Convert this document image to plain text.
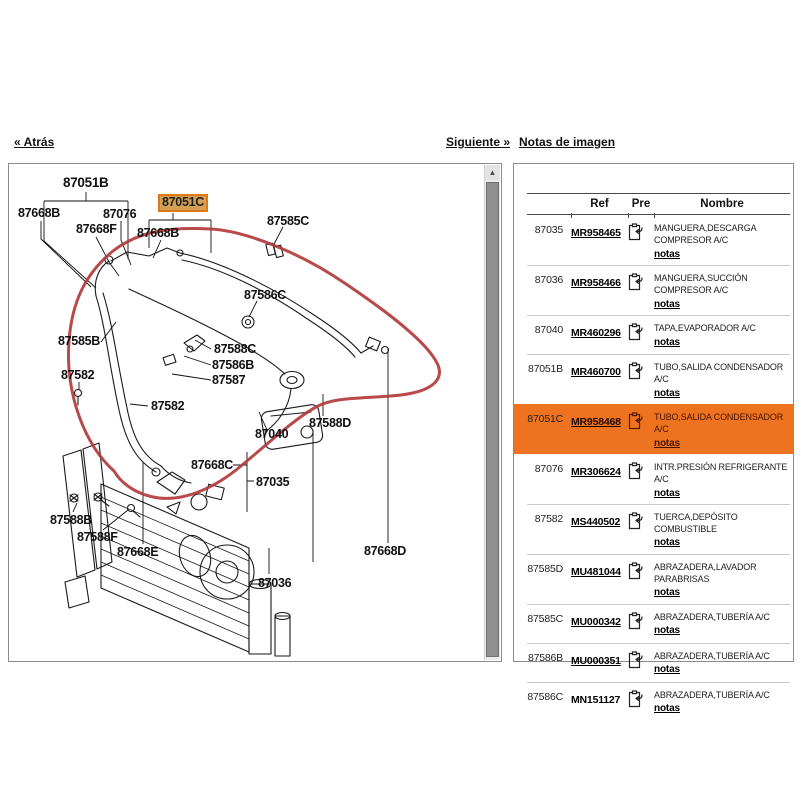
« Atrás	Siguiente » Notas de imagen
87051B
87668B	87076
87668F
87051C
87668B
87585C
87586C
87585B
87582
87588C
87586B
87587
87582
87040
87588D
87668C
87035
87588B
87588F
87668E	87668D
87036
▲
Ref	Pre	Nombre
87035 MR958465	MANGUERA,DESCARGA COMPRESOR A/C
notas
87036 MR958466	MANGUERA,SUCCIÓN COMPRESOR A/C
notas
87040 MR460296	TAPA,EVAPORADOR A/C
notas
87051B MR460700	TUBO,SALIDA CONDENSADOR A/C
notas
87051C MR958468	TUBO,SALIDA CONDENSADOR A/C
notas
87076 MR306624	INTR.PRESIÓN REFRIGERANTE A/C
notas
87582 MS440502	TUERCA,DEPÓSITO COMBUSTIBLE
notas
87585D MU481044	ABRAZADERA,LAVADOR PARABRISAS
notas
87585C MU000342	ABRAZADERA,TUBERÍA A/C
notas
87586B MU000351	ABRAZADERA,TUBERÍA A/C
notas
87586C MN151127	ABRAZADERA,TUBERÍA A/C
notas
